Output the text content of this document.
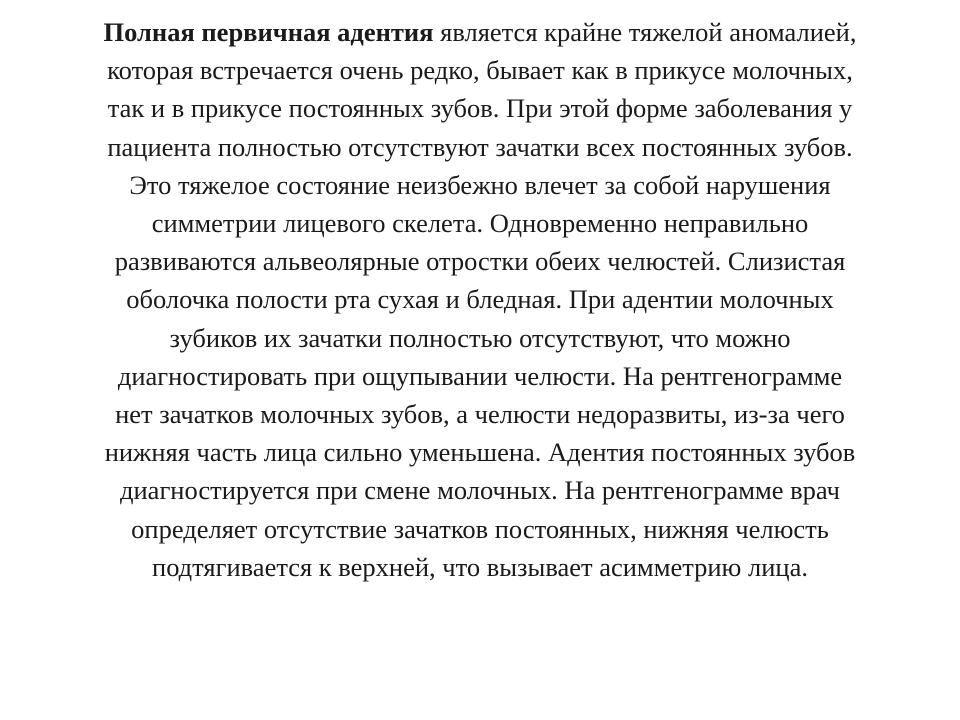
Полная первичная адентия является крайне тяжелой аномалией,
которая встречается очень редко, бывает как в прикусе молочных,
так и в прикусе постоянных зубов. При этой форме заболевания у
пациента полностью отсутствуют зачатки всех постоянных зубов.
Это тяжелое состояние неизбежно влечет за собой нарушения
симметрии лицевого скелета. Одновременно неправильно
развиваются альвеолярные отростки обеих челюстей. Слизистая
оболочка полости рта сухая и бледная. При адентии молочных
зубиков их зачатки полностью отсутствуют, что можно
диагностировать при ощупывании челюсти. На рентгенограмме
нет зачатков молочных зубов, а челюсти недоразвиты, из-за чего
нижняя часть лица сильно уменьшена. Адентия постоянных зубов
диагностируется при смене молочных. На рентгенограмме врач
определяет отсутствие зачатков постоянных, нижняя челюсть
подтягивается к верхней, что вызывает асимметрию лица.
